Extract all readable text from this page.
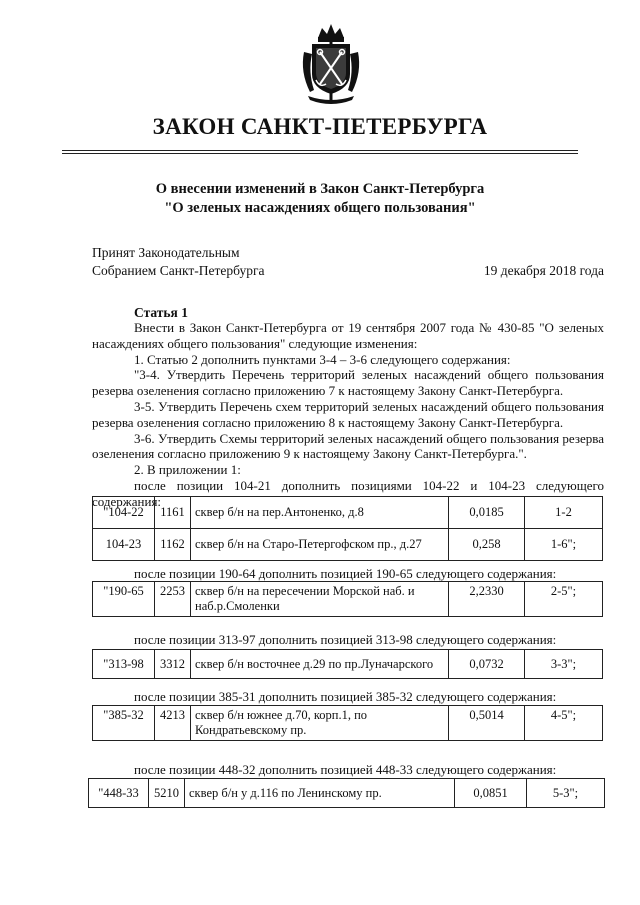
ЗАКОН САНКТ-ПЕТЕРБУРГА
О внесении изменений в Закон Санкт-Петербурга
"О зеленых насаждениях общего пользования"
Принят Законодательным
Собранием Санкт-Петербурга	19 декабря 2018 года
Статья 1

Внести в Закон Санкт-Петербурга от 19 сентября 2007 года № 430-85 "О зеленых насаждениях общего пользования" следующие изменения:

1. Статью 2 дополнить пунктами 3-4 – 3-6 следующего содержания:

"3-4. Утвердить Перечень территорий зеленых насаждений общего пользования резерва озеленения согласно приложению 7 к настоящему Закону Санкт-Петербурга.

3-5. Утвердить Перечень схем территорий зеленых насаждений общего пользования резерва озеленения согласно приложению 8 к настоящему Закону Санкт-Петербурга.

3-6. Утвердить Схемы территорий зеленых насаждений общего пользования резерва озеленения согласно приложению 9 к настоящему Закону Санкт-Петербурга.".

2. В приложении 1:

после позиции 104-21 дополнить позициями 104-22 и 104-23 следующего содержания:

"104-22	1161	сквер б/н на пер.Антоненко, д.8	0,0185	1-2
104-23	1162	сквер б/н на Старо-Петергофском пр., д.27	0,258	1-6";
после позиции 190-64 дополнить позицией 190-65 следующего содержания:
"190-65	2253	сквер б/н на пересечении Морской наб. и наб.р.Смоленки	2,2330	2-5";
после позиции 313-97 дополнить позицией 313-98 следующего содержания:
"313-98	3312	сквер б/н восточнее д.29 по пр.Луначарского	0,0732	3-3";
после позиции 385-31 дополнить позицией 385-32 следующего содержания:
"385-32	4213	сквер б/н южнее д.70, корп.1, по Кондратьевскому пр.	0,5014	4-5";
после позиции 448-32 дополнить позицией 448-33 следующего содержания:
"448-33	5210	сквер б/н у д.116 по Ленинскому пр.	0,0851	5-3";
